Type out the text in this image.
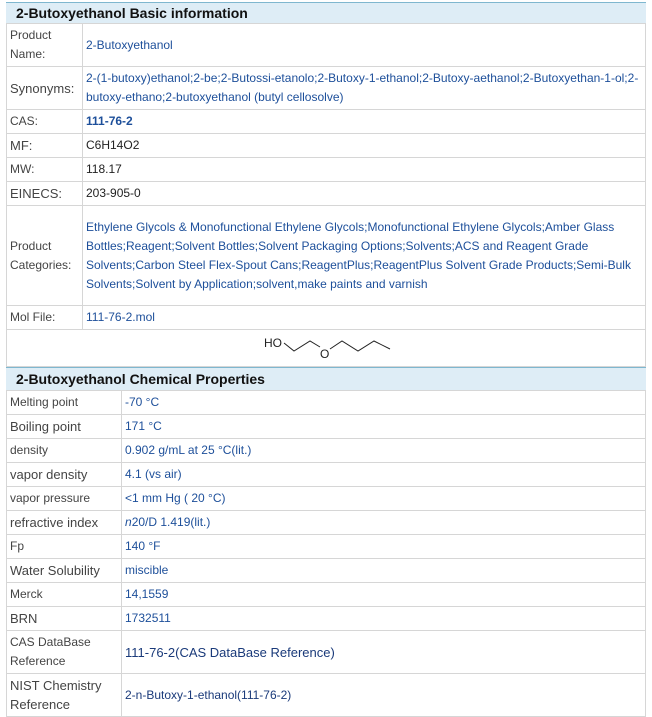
2-Butoxyethanol Basic information
Product Name:	2-Butoxyethanol
Synonyms:	2-(1-butoxy)ethanol;2-be;2-Butossi-etanolo;2-Butoxy-1-ethanol;2-Butoxy-aethanol;2-Butoxyethan-1-ol;2-butoxy-ethano;2-butoxyethanol (butyl cellosolve)
CAS:	111-76-2
MF:	C6H14O2
MW:	118.17
EINECS:	203-905-0
Product Categories:	Ethylene Glycols & Monofunctional Ethylene Glycols;Monofunctional Ethylene Glycols;Amber Glass Bottles;Reagent;Solvent Bottles;Solvent Packaging Options;Solvents;ACS and Reagent Grade Solvents;Carbon Steel Flex-Spout Cans;ReagentPlus;ReagentPlus Solvent Grade Products;Semi-Bulk Solvents;Solvent by Application;solvent,make paints and varnish
Mol File:	111-76-2.mol

HO
O	
2-Butoxyethanol Chemical Properties
Melting point	-70 °C
Boiling point	171 °C
density	0.902 g/mL at 25 °C(lit.)
vapor density	4.1 (vs air)
vapor pressure	<1 mm Hg ( 20 °C)
refractive index	n20/D 1.419(lit.)
Fp	140 °F
Water Solubility	miscible
Merck	14,1559
BRN	1732511
CAS DataBase Reference	111-76-2(CAS DataBase Reference)
NIST Chemistry Reference	2-n-Butoxy-1-ethanol(111-76-2)
